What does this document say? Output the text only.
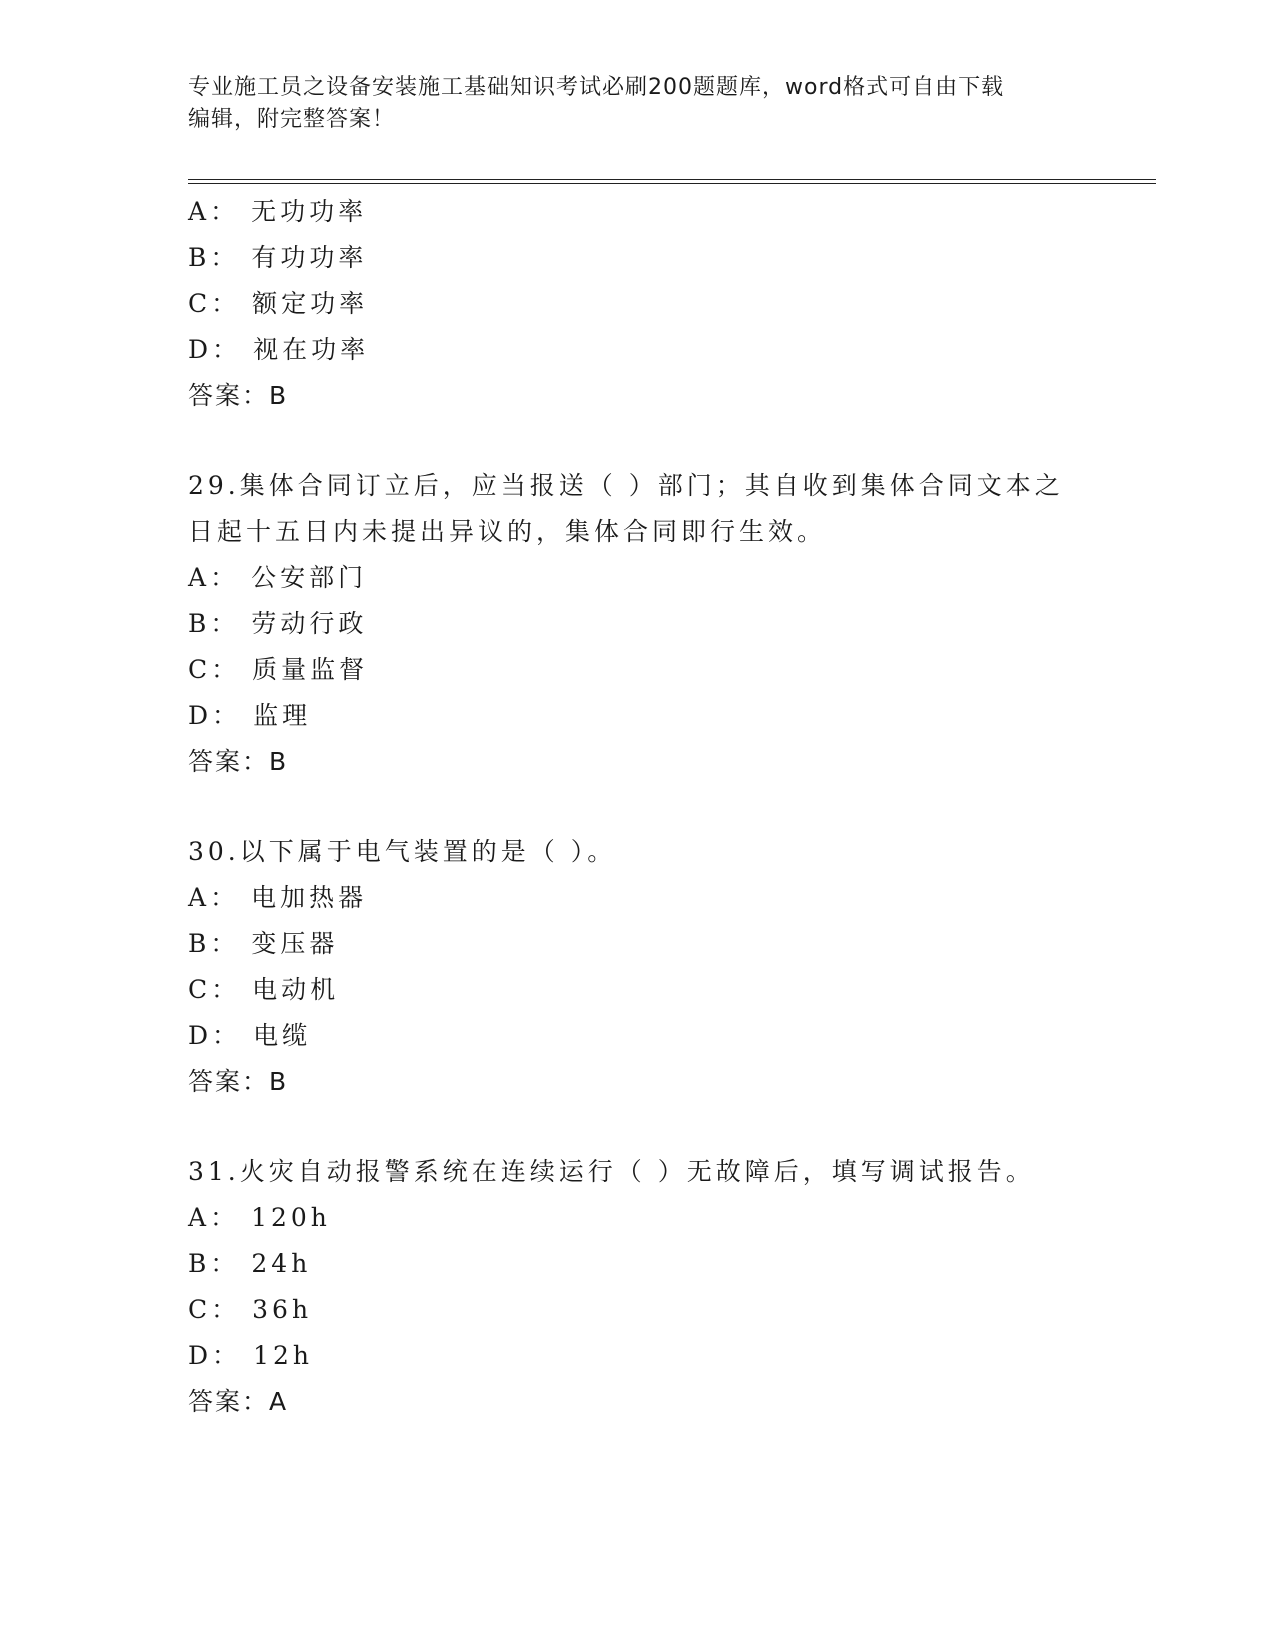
专业施工员之设备安装施工基础知识考试必刷200题题库，word格式可自由下载
编辑，附完整答案！
A： 无功功率
B： 有功功率
C： 额定功率
D： 视在功率
答案：B
29.集体合同订立后，应当报送（ ）部门；其自收到集体合同文本之
日起十五日内未提出异议的，集体合同即行生效。
A： 公安部门
B： 劳动行政
C： 质量监督
D： 监理
答案：B
30.以下属于电气装置的是（ ）。
A： 电加热器
B： 变压器
C： 电动机
D： 电缆
答案：B
31.火灾自动报警系统在连续运行（ ）无故障后，填写调试报告。
A： 120h
B： 24h
C： 36h
D： 12h
答案：A
